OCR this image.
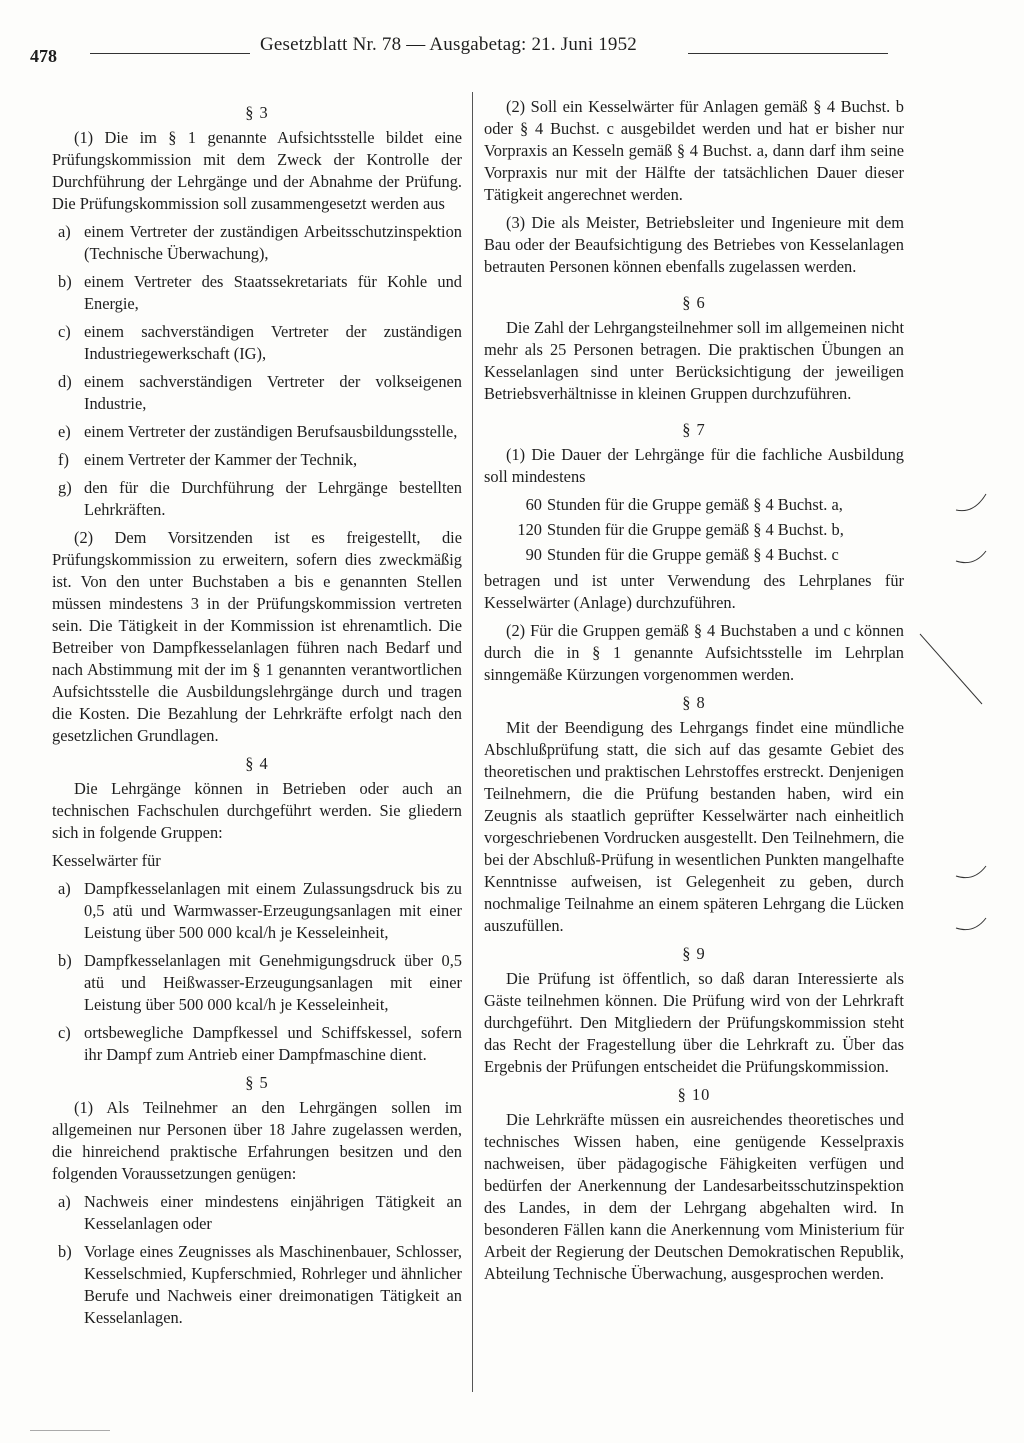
478
Gesetzblatt Nr. 78 — Ausgabetag: 21. Juni 1952
§ 3

(1) Die im § 1 genannte Aufsichtsstelle bildet eine Prüfungskommission mit dem Zweck der Kontrolle der Durchführung der Lehrgänge und der Abnahme der Prüfung. Die Prüfungskommission soll zusammengesetzt werden aus

a) einem Vertreter der zuständigen Arbeitsschutzinspektion (Technische Überwachung),
b) einem Vertreter des Staatssekretariats für Kohle und Energie,
c) einem sachverständigen Vertreter der zuständigen Industriegewerkschaft (IG),
d) einem sachverständigen Vertreter der volkseigenen Industrie,
e) einem Vertreter der zuständigen Berufsausbildungsstelle,
f) einem Vertreter der Kammer der Technik,
g) den für die Durchführung der Lehrgänge bestellten Lehrkräften.

(2) Dem Vorsitzenden ist es freigestellt, die Prüfungskommission zu erweitern, sofern dies zweckmäßig ist. Von den unter Buchstaben a bis e genannten Stellen müssen mindestens 3 in der Prüfungskommission vertreten sein. Die Tätigkeit in der Kommission ist ehrenamtlich. Die Betreiber von Dampfkesselanlagen führen nach Bedarf und nach Abstimmung mit der im § 1 genannten verantwortlichen Aufsichtsstelle die Ausbildungslehrgänge durch und tragen die Kosten. Die Bezahlung der Lehrkräfte erfolgt nach den gesetzlichen Grundlagen.

§ 4

Die Lehrgänge können in Betrieben oder auch an technischen Fachschulen durchgeführt werden. Sie gliedern sich in folgende Gruppen:

Kesselwärter für

a) Dampfkesselanlagen mit einem Zulassungsdruck bis zu 0,5 atü und Warmwasser-Erzeugungsanlagen mit einer Leistung über 500 000 kcal/h je Kesseleinheit,
b) Dampfkesselanlagen mit Genehmigungsdruck über 0,5 atü und Heißwasser-Erzeugungsanlagen mit einer Leistung über 500 000 kcal/h je Kesseleinheit,
c) ortsbewegliche Dampfkessel und Schiffskessel, sofern ihr Dampf zum Antrieb einer Dampfmaschine dient.
§ 5

(1) Als Teilnehmer an den Lehrgängen sollen im allgemeinen nur Personen über 18 Jahre zugelassen werden, die hinreichend praktische Erfahrungen besitzen und den folgenden Voraussetzungen genügen:

a) Nachweis einer mindestens einjährigen Tätigkeit an Kesselanlagen oder
b) Vorlage eines Zeugnisses als Maschinenbauer, Schlosser, Kesselschmied, Kupferschmied, Rohrleger und ähnlicher Berufe und Nachweis einer dreimonatigen Tätigkeit an Kesselanlagen.

(2) Soll ein Kesselwärter für Anlagen gemäß § 4 Buchst. b oder § 4 Buchst. c ausgebildet werden und hat er bisher nur Vorpraxis an Kesseln gemäß § 4 Buchst. a, dann darf ihm seine Vorpraxis nur mit der Hälfte der tatsächlichen Dauer dieser Tätigkeit angerechnet werden.

(3) Die als Meister, Betriebsleiter und Ingenieure mit dem Bau oder der Beaufsichtigung des Betriebes von Kesselanlagen betrauten Personen können ebenfalls zugelassen werden.

§ 6

Die Zahl der Lehrgangsteilnehmer soll im allgemeinen nicht mehr als 25 Personen betragen. Die praktischen Übungen an Kesselanlagen sind unter Berücksichtigung der jeweiligen Betriebsverhältnisse in kleinen Gruppen durchzuführen.

§ 7

(1) Die Dauer der Lehrgänge für die fachliche Ausbildung soll mindestens

60 Stunden für die Gruppe gemäß § 4 Buchst. a,
120 Stunden für die Gruppe gemäß § 4 Buchst. b,
90 Stunden für die Gruppe gemäß § 4 Buchst. c

betragen und ist unter Verwendung des Lehrplanes für Kesselwärter (Anlage) durchzuführen.

(2) Für die Gruppen gemäß § 4 Buchstaben a und c können durch die in § 1 genannte Aufsichtsstelle im Lehrplan sinngemäße Kürzungen vorgenommen werden.

§ 8

Mit der Beendigung des Lehrgangs findet eine mündliche Abschlußprüfung statt, die sich auf das gesamte Gebiet des theoretischen und praktischen Lehrstoffes erstreckt. Denjenigen Teilnehmern, die die Prüfung bestanden haben, wird ein Zeugnis als staatlich geprüfter Kesselwärter nach einheitlich vorgeschriebenen Vordrucken ausgestellt. Den Teilnehmern, die bei der Abschluß-Prüfung in wesentlichen Punkten mangelhafte Kenntnisse aufweisen, ist Gelegenheit zu geben, durch nochmalige Teilnahme an einem späteren Lehrgang die Lücken auszufüllen.

§ 9

Die Prüfung ist öffentlich, so daß daran Interessierte als Gäste teilnehmen können. Die Prüfung wird von der Lehrkraft durchgeführt. Den Mitgliedern der Prüfungskommission steht das Recht der Fragestellung über die Lehrkraft zu. Über das Ergebnis der Prüfungen entscheidet die Prüfungskommission.

§ 10

Die Lehrkräfte müssen ein ausreichendes theoretisches und technisches Wissen haben, eine genügende Kesselpraxis nachweisen, über pädagogische Fähigkeiten verfügen und bedürfen der Anerkennung der Landesarbeitsschutzinspektion des Landes, in dem der Lehrgang abgehalten wird. In besonderen Fällen kann die Anerkennung vom Ministerium für Arbeit der Regierung der Deutschen Demokratischen Republik, Abteilung Technische Überwachung, ausgesprochen werden.
